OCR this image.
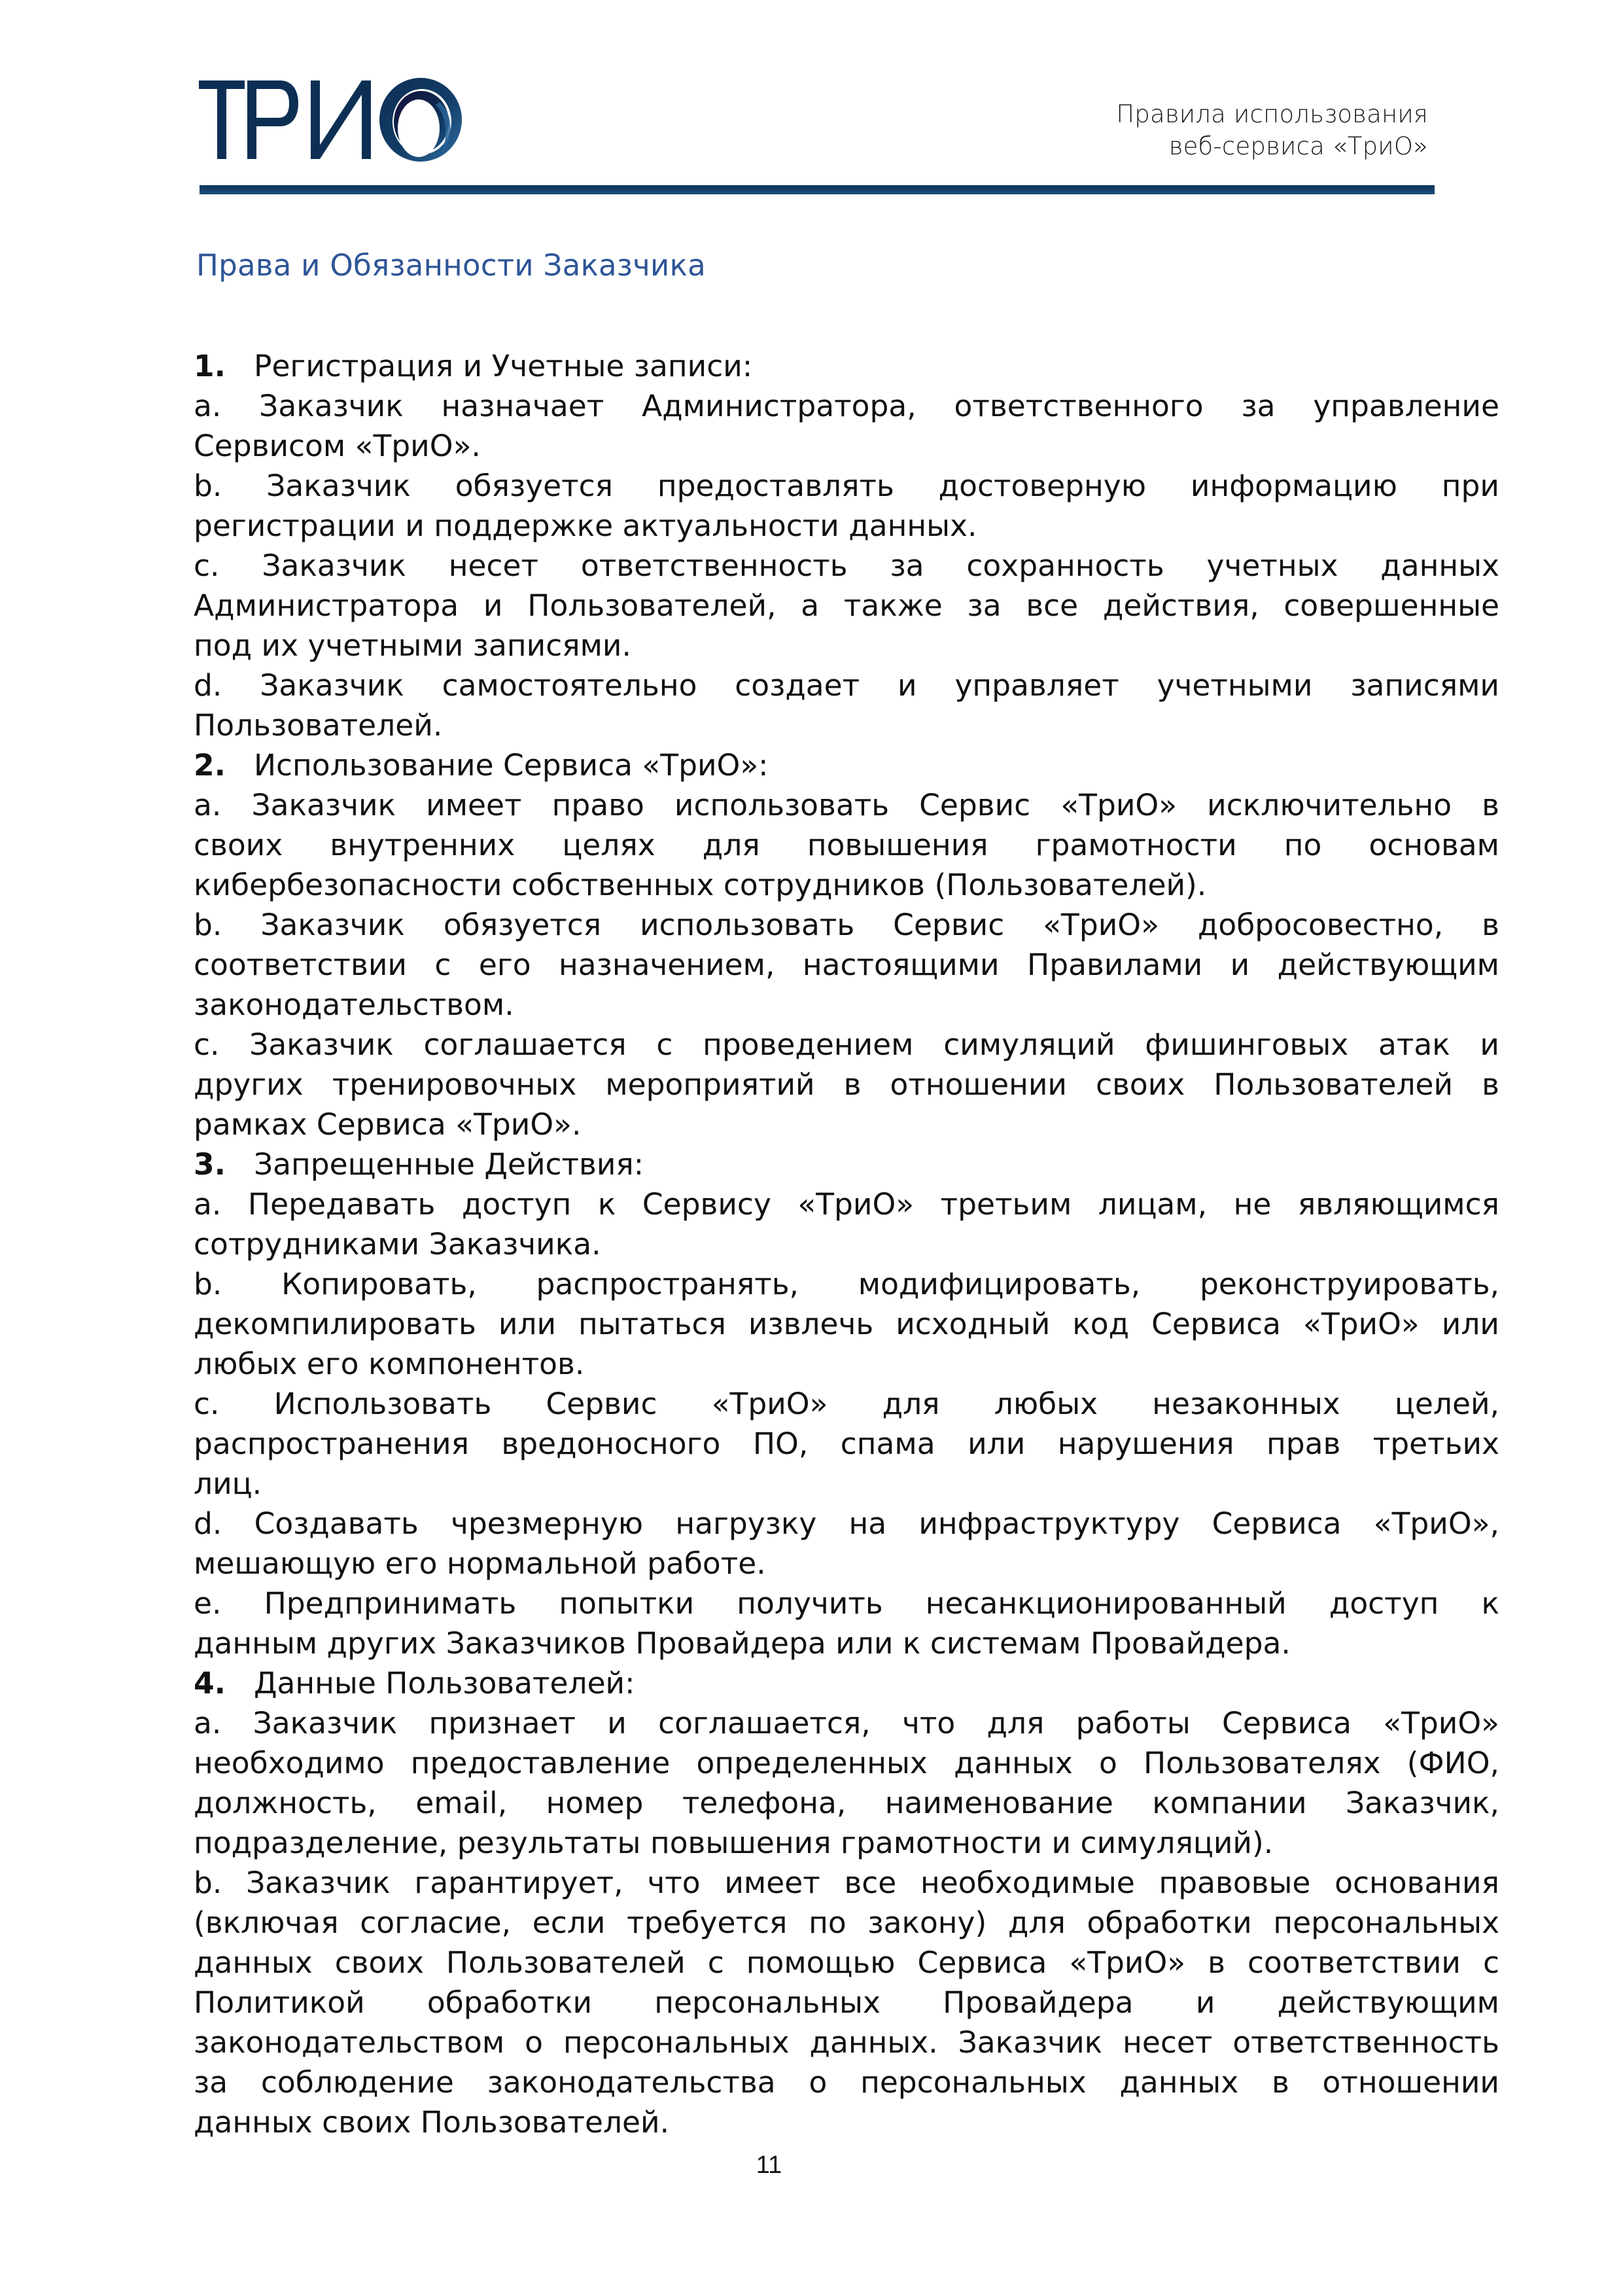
Правила использования
веб-сервиса «ТриО»
Права и Обязанности Заказчика
1. Регистрация и Учетные записи:
a. Заказчик назначает Администратора, ответственного за управление
Сервисом «ТриО».
b. Заказчик обязуется предоставлять достоверную информацию при
регистрации и поддержке актуальности данных.
c. Заказчик несет ответственность за сохранность учетных данных
Администратора и Пользователей, а также за все действия, совершенные
под их учетными записями.
d. Заказчик самостоятельно создает и управляет учетными записями
Пользователей.
2. Использование Сервиса «ТриО»:
a. Заказчик имеет право использовать Сервис «ТриО» исключительно в
своих внутренних целях для повышения грамотности по основам
кибербезопасности собственных сотрудников (Пользователей).
b. Заказчик обязуется использовать Сервис «ТриО» добросовестно, в
соответствии с его назначением, настоящими Правилами и действующим
законодательством.
c. Заказчик соглашается с проведением симуляций фишинговых атак и
других тренировочных мероприятий в отношении своих Пользователей в
рамках Сервиса «ТриО».
3. Запрещенные Действия:
a. Передавать доступ к Сервису «ТриО» третьим лицам, не являющимся
сотрудниками Заказчика.
b. Копировать, распространять, модифицировать, реконструировать,
декомпилировать или пытаться извлечь исходный код Сервиса «ТриО» или
любых его компонентов.
c. Использовать Сервис «ТриО» для любых незаконных целей,
распространения вредоносного ПО, спама или нарушения прав третьих
лиц.
d. Создавать чрезмерную нагрузку на инфраструктуру Сервиса «ТриО»,
мешающую его нормальной работе.
e. Предпринимать попытки получить несанкционированный доступ к
данным других Заказчиков Провайдера или к системам Провайдера.
4. Данные Пользователей:
a. Заказчик признает и соглашается, что для работы Сервиса «ТриО»
необходимо предоставление определенных данных о Пользователях (ФИО,
должность, email, номер телефона, наименование компании Заказчик,
подразделение, результаты повышения грамотности и симуляций).
b. Заказчик гарантирует, что имеет все необходимые правовые основания
(включая согласие, если требуется по закону) для обработки персональных
данных своих Пользователей с помощью Сервиса «ТриО» в соответствии с
Политикой обработки персональных Провайдера и действующим
законодательством о персональных данных. Заказчик несет ответственность
за соблюдение законодательства о персональных данных в отношении
данных своих Пользователей.
11
